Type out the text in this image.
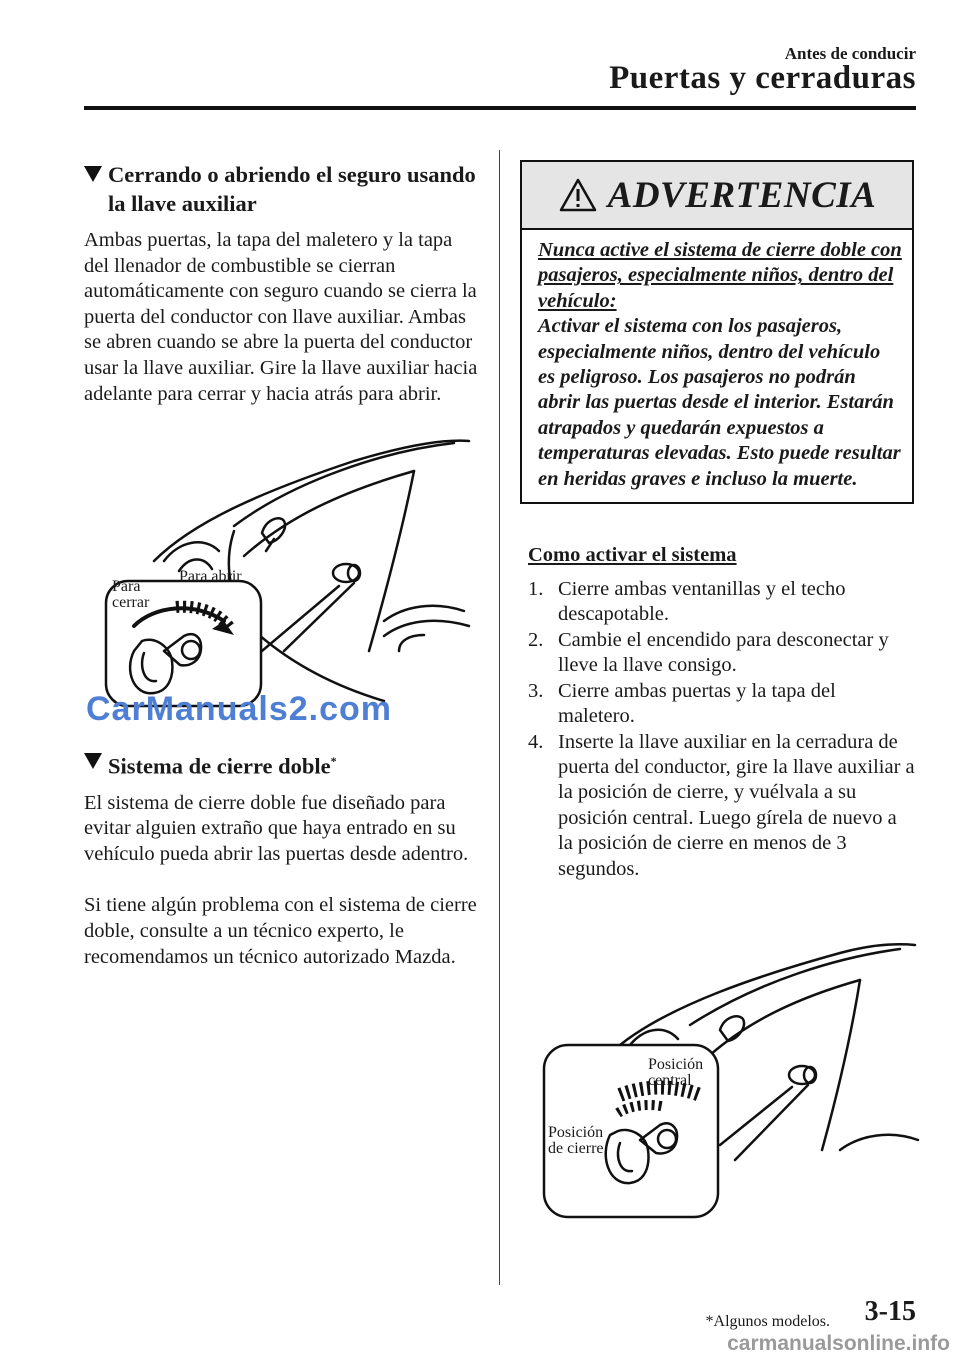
Antes de conducir
Puertas y cerraduras
Cerrando o abriendo el seguro usando la llave auxiliar

Ambas puertas, la tapa del maletero y la tapa del llenador de combustible se cierran automáticamente con seguro cuando se cierra la puerta del conductor con llave auxiliar. Ambas se abren cuando se abre la puerta del conductor usar la llave auxiliar. Gire la llave auxiliar hacia adelante para cerrar y hacia atrás para abrir.

Para
cerrar
Para abrir
Sistema de cierre doble*

El sistema de cierre doble fue diseñado para evitar alguien extraño que haya entrado en su vehículo pueda abrir las puertas desde adentro.

Si tiene algún problema con el sistema de cierre doble, consulte a un técnico experto, le recomendamos un técnico autorizado Mazda.

CarManuals2.com
ADVERTENCIA
Nunca active el sistema de cierre doble con pasajeros, especialmente niños, dentro del vehículo:
Activar el sistema con los pasajeros, especialmente niños, dentro del vehículo es peligroso. Los pasajeros no podrán abrir las puertas desde el interior. Estarán atrapados y quedarán expuestos a temperaturas elevadas. Esto puede resultar en heridas graves e incluso la muerte.
Como activar el sistema
1. Cierre ambas ventanillas y el techo descapotable.
2. Cambie el encendido para desconectar y lleve la llave consigo.
3. Cierre ambas puertas y la tapa del maletero.
4. Inserte la llave auxiliar en la cerradura de puerta del conductor, gire la llave auxiliar a la posición de cierre, y vuélvala a su posición central. Luego gírela de nuevo a la posición de cierre en menos de 3 segundos.
Posición
central
Posición
de cierre
*Algunos modelos. 3-15
carmanualsonline.info
